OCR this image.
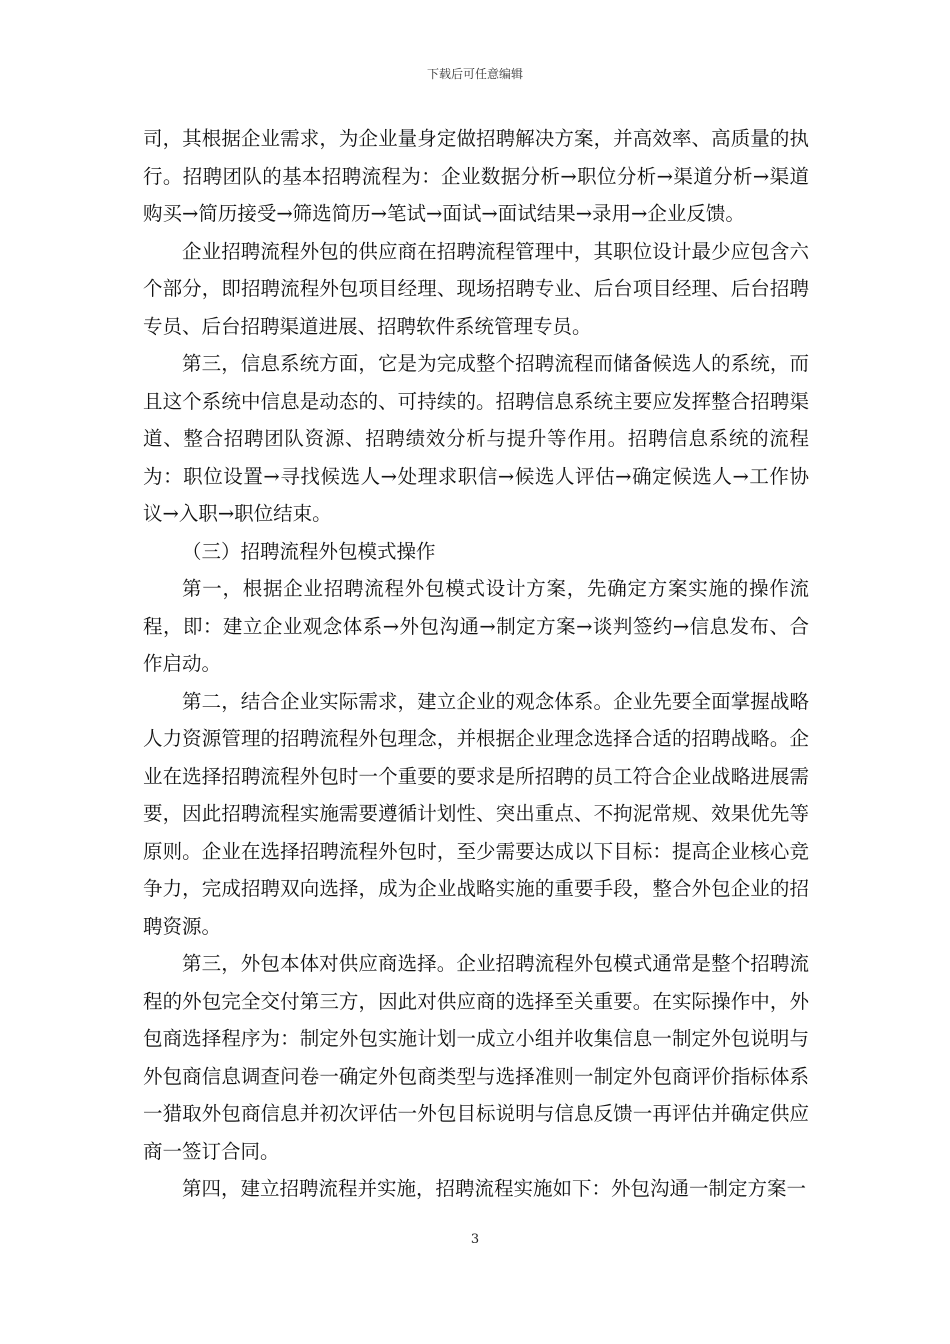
下载后可任意编辑

司，其根据企业需求，为企业量身定做招聘解决方案，并高效率、高质量的执行。招聘团队的基本招聘流程为：企业数据分析→职位分析→渠道分析→渠道购买→简历接受→筛选简历→笔试→面试→面试结果→录用→企业反馈。

企业招聘流程外包的供应商在招聘流程管理中，其职位设计最少应包含六个部分，即招聘流程外包项目经理、现场招聘专业、后台项目经理、后台招聘专员、后台招聘渠道进展、招聘软件系统管理专员。

第三，信息系统方面，它是为完成整个招聘流程而储备候选人的系统，而且这个系统中信息是动态的、可持续的。招聘信息系统主要应发挥整合招聘渠道、整合招聘团队资源、招聘绩效分析与提升等作用。招聘信息系统的流程为：职位设置→寻找候选人→处理求职信→候选人评估→确定候选人→工作协议→入职→职位结束。

（三）招聘流程外包模式操作

第一，根据企业招聘流程外包模式设计方案，先确定方案实施的操作流程，即：建立企业观念体系→外包沟通→制定方案→谈判签约→信息发布、合作启动。

第二，结合企业实际需求，建立企业的观念体系。企业先要全面掌握战略人力资源管理的招聘流程外包理念，并根据企业理念选择合适的招聘战略。企业在选择招聘流程外包时一个重要的要求是所招聘的员工符合企业战略进展需要，因此招聘流程实施需要遵循计划性、突出重点、不拘泥常规、效果优先等原则。企业在选择招聘流程外包时，至少需要达成以下目标：提高企业核心竞争力，完成招聘双向选择，成为企业战略实施的重要手段，整合外包企业的招聘资源。

第三，外包本体对供应商选择。企业招聘流程外包模式通常是整个招聘流程的外包完全交付第三方，因此对供应商的选择至关重要。在实际操作中，外包商选择程序为：制定外包实施计划一成立小组并收集信息一制定外包说明与外包商信息调查问卷一确定外包商类型与选择准则一制定外包商评价指标体系一猎取外包商信息并初次评估一外包目标说明与信息反馈一再评估并确定供应商一签订合同。

第四，建立招聘流程并实施，招聘流程实施如下：外包沟通一制定方案一

3
